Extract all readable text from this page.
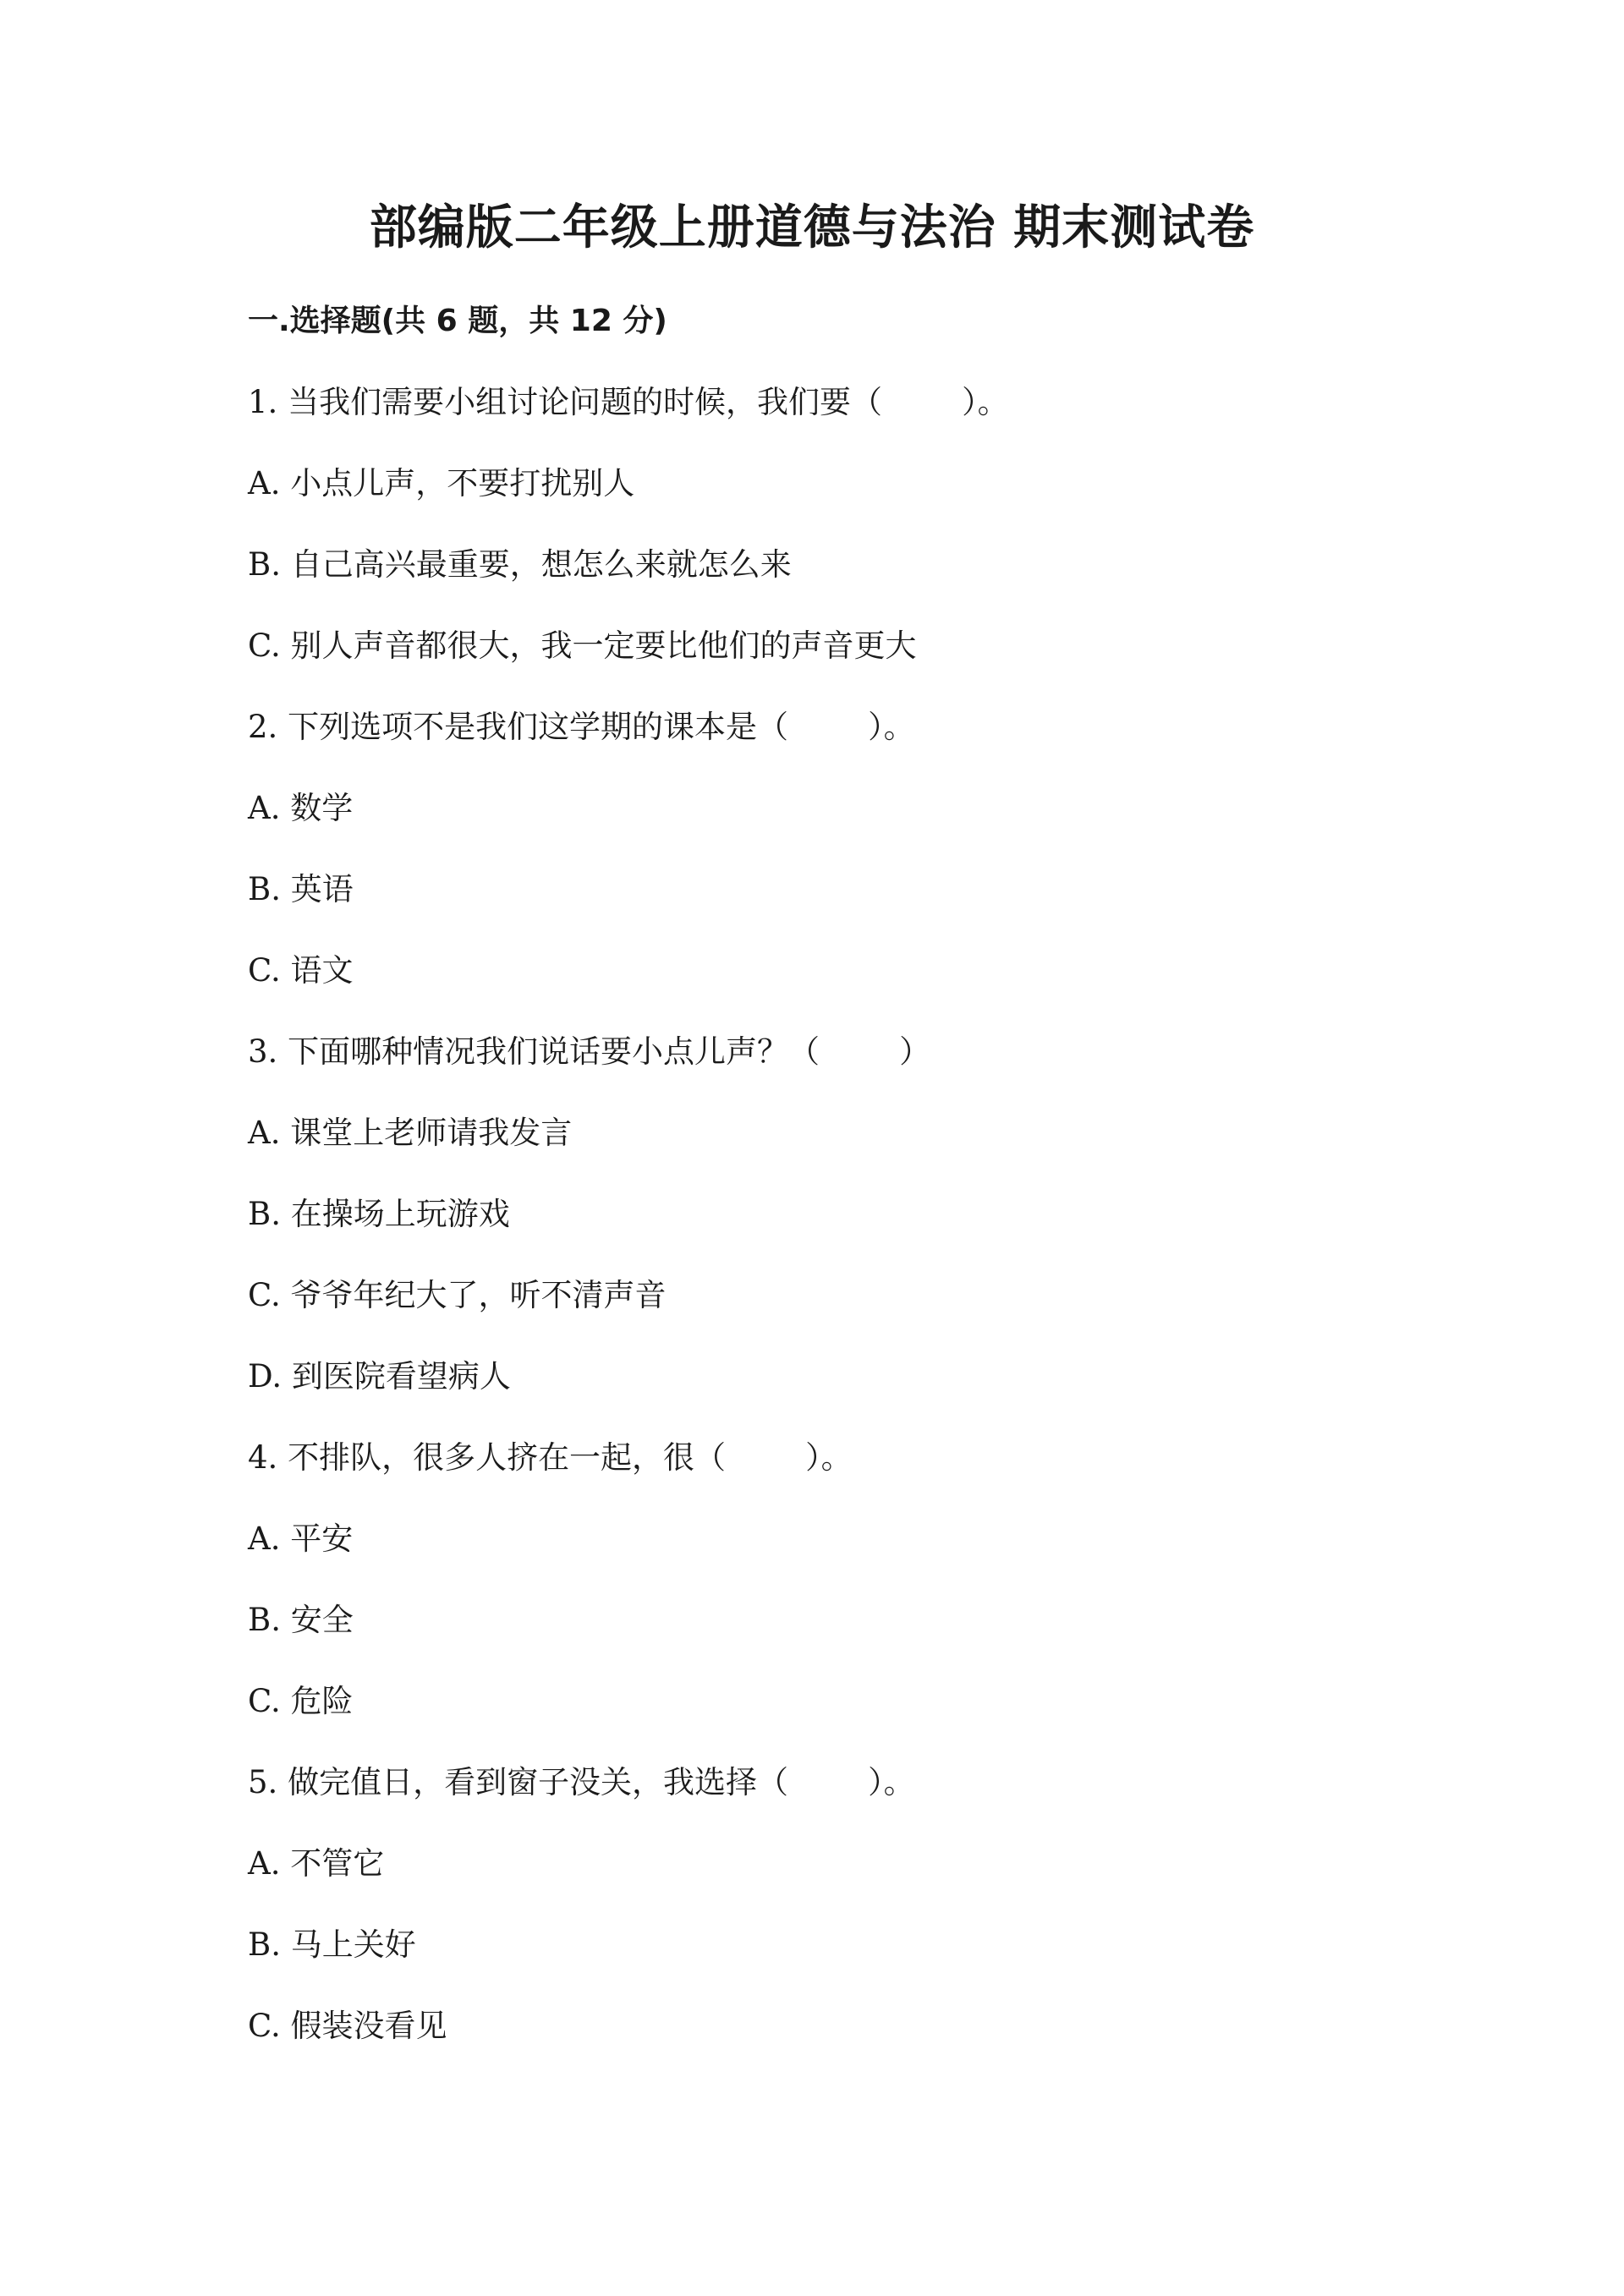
部编版二年级上册道德与法治 期末测试卷
一.选择题(共 6 题，共 12 分)
1. 当我们需要小组讨论问题的时候，我们要（        ）。
A. 小点儿声，不要打扰别人
B. 自己高兴最重要，想怎么来就怎么来
C. 别人声音都很大，我一定要比他们的声音更大
2. 下列选项不是我们这学期的课本是（        ）。
A. 数学
B. 英语
C. 语文
3. 下面哪种情况我们说话要小点儿声？（        ）
A. 课堂上老师请我发言
B. 在操场上玩游戏
C. 爷爷年纪大了，听不清声音
D. 到医院看望病人
4. 不排队，很多人挤在一起，很（        ）。
A. 平安
B. 安全
C. 危险
5. 做完值日，看到窗子没关，我选择（        ）。
A. 不管它
B. 马上关好
C. 假装没看见
